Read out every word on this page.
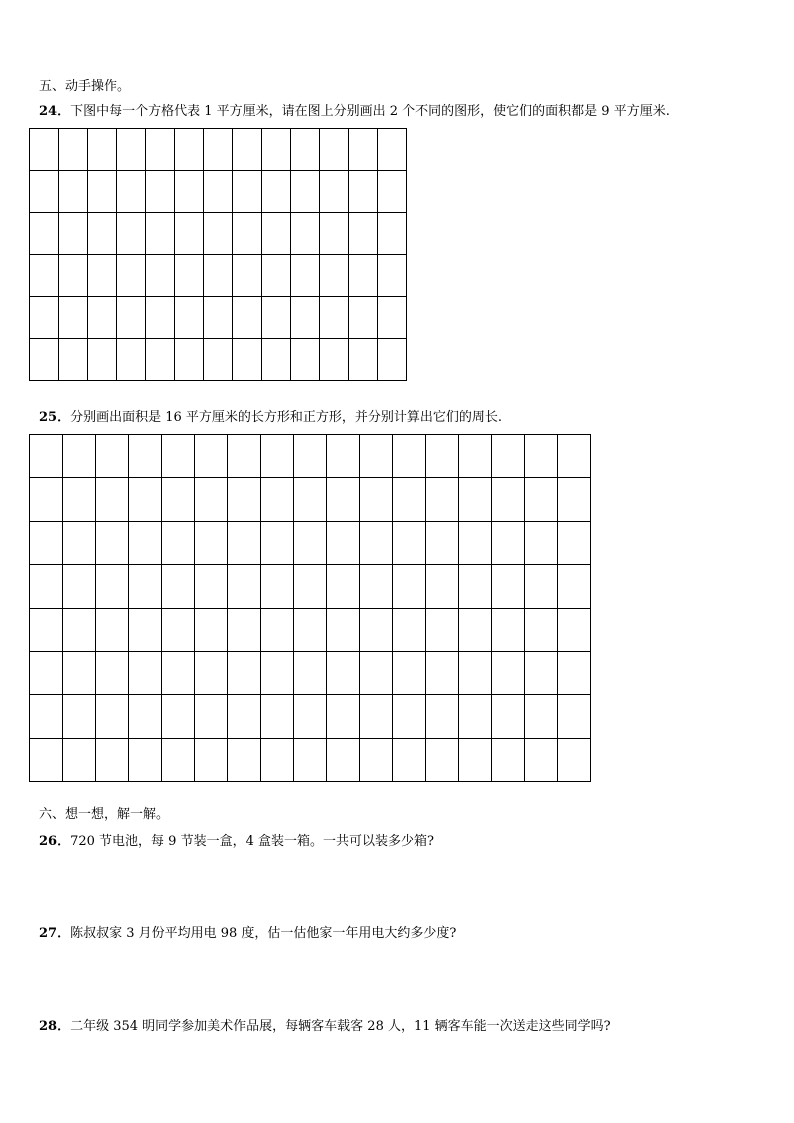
五、动手操作。
24．下图中每一个方格代表 1 平方厘米，请在图上分别画出 2 个不同的图形，使它们的面积都是 9 平方厘米.
25．分别画出面积是 16 平方厘米的长方形和正方形，并分别计算出它们的周长.
六、想一想，解一解。
26．720 节电池，每 9 节装一盒，4 盒装一箱。一共可以装多少箱?
27．陈叔叔家 3 月份平均用电 98 度，估一估他家一年用电大约多少度?
28．二年级 354 明同学参加美术作品展，每辆客车载客 28 人，11 辆客车能一次送走这些同学吗?
